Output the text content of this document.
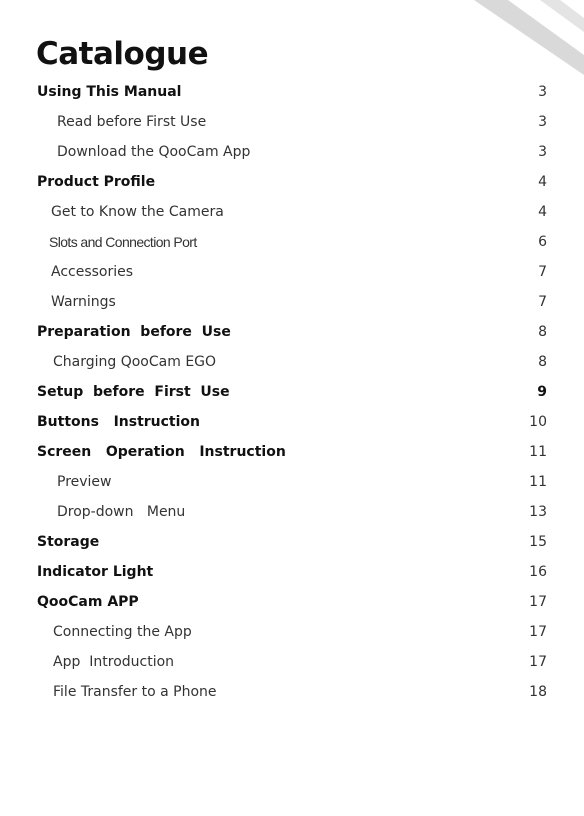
Catalogue
Using This Manual	3
Read before First Use	3
Download the QooCam App	3
Product Profile	4
Get to Know the Camera	4
Slots and Connection Port	6
Accessories	7
Warnings	7
Preparation  before  Use	8
Charging QooCam EGO	8
Setup  before  First  Use	9
Buttons   Instruction	10
Screen   Operation   Instruction	11
Preview	11
Drop-down   Menu	13
Storage	15
Indicator Light	16
QooCam APP	17
Connecting the App	17
App  Introduction	17
File Transfer to a Phone	18
